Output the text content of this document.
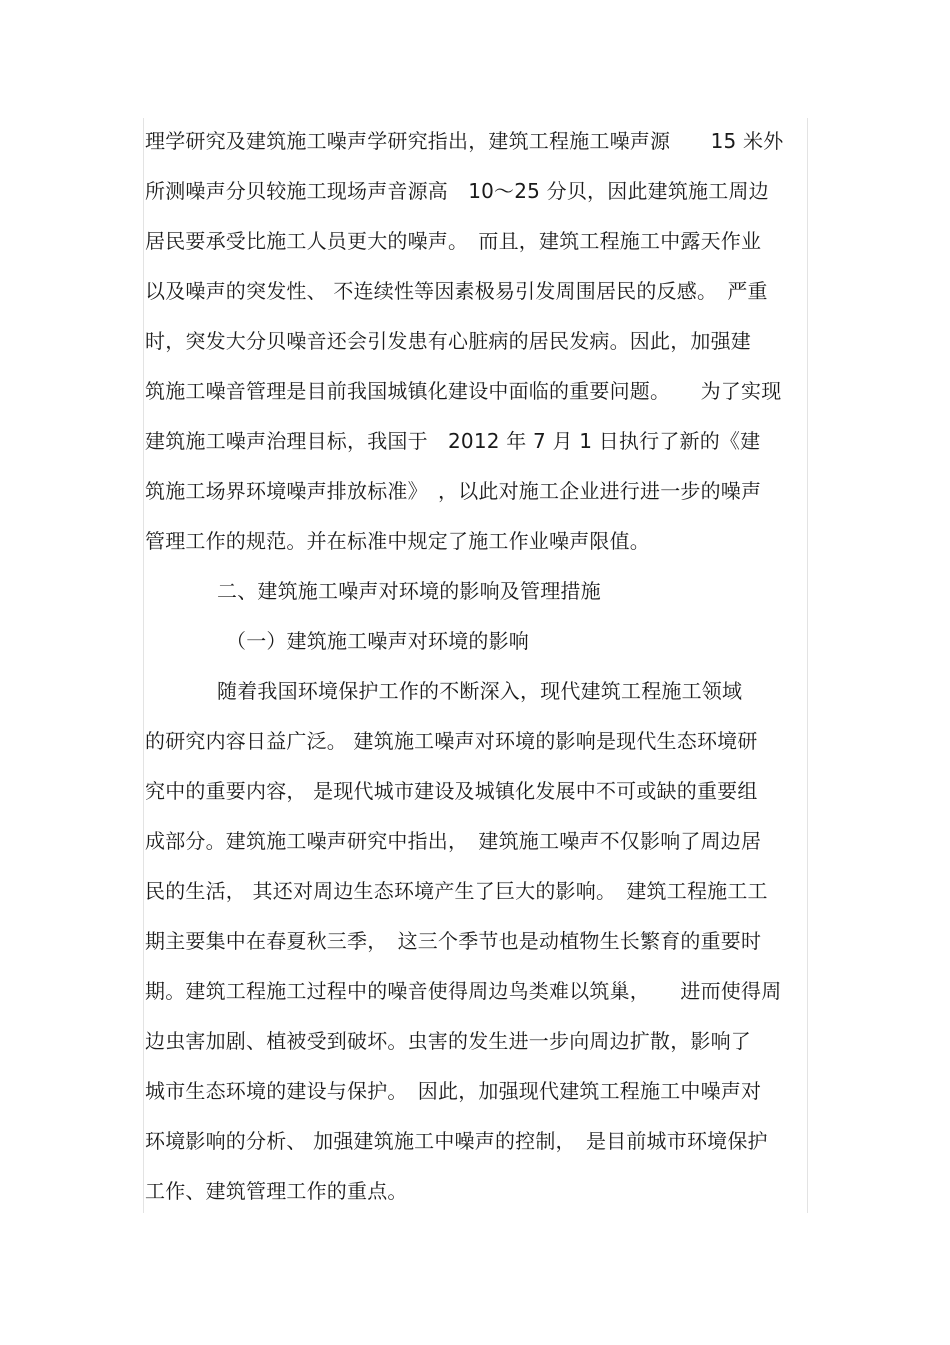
理学研究及建筑施工噪声学研究指出，建筑工程施工噪声源　　15 米外
所测噪声分贝较施工现场声音源高　10～25 分贝，因此建筑施工周边
居民要承受比施工人员更大的噪声。　而且，建筑工程施工中露天作业
以及噪声的突发性、 不连续性等因素极易引发周围居民的反感。　严重
时，突发大分贝噪音还会引发患有心脏病的居民发病。因此，加强建
筑施工噪音管理是目前我国城镇化建设中面临的重要问题。　　为了实现
建筑施工噪声治理目标，我国于　2012 年 7 月 1 日执行了新的《建
筑施工场界环境噪声排放标准》　，以此对施工企业进行进一步的噪声
管理工作的规范。并在标准中规定了施工作业噪声限值。
二、建筑施工噪声对环境的影响及管理措施
（一）建筑施工噪声对环境的影响
随着我国环境保护工作的不断深入，现代建筑工程施工领域
的研究内容日益广泛。 建筑施工噪声对环境的影响是现代生态环境研
究中的重要内容， 是现代城市建设及城镇化发展中不可或缺的重要组
成部分。建筑施工噪声研究中指出，　建筑施工噪声不仅影响了周边居
民的生活， 其还对周边生态环境产生了巨大的影响。　建筑工程施工工
期主要集中在春夏秋三季，　这三个季节也是动植物生长繁育的重要时
期。建筑工程施工过程中的噪音使得周边鸟类难以筑巢，　　进而使得周
边虫害加剧、植被受到破坏。虫害的发生进一步向周边扩散，影响了
城市生态环境的建设与保护。　因此，加强现代建筑工程施工中噪声对
环境影响的分析、 加强建筑施工中噪声的控制，　是目前城市环境保护
工作、建筑管理工作的重点。
